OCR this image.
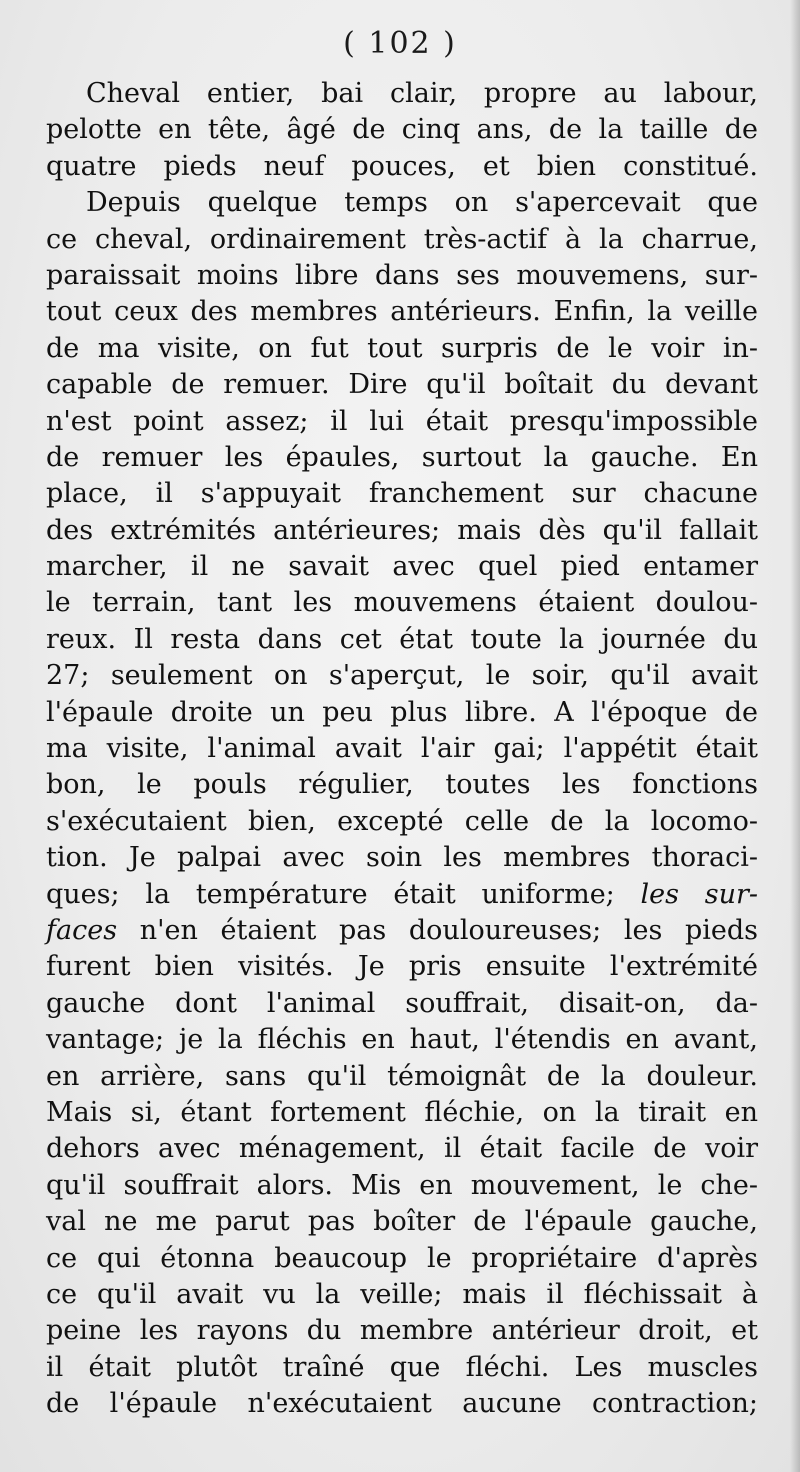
( 102 )
Cheval entier, bai clair, propre au labour,
pelotte en tête, âgé de cinq ans, de la taille de
quatre pieds neuf pouces, et bien constitué.
Depuis quelque temps on s'apercevait que
ce cheval, ordinairement très-actif à la charrue,
paraissait moins libre dans ses mouvemens, sur-
tout ceux des membres antérieurs. Enfin, la veille
de ma visite, on fut tout surpris de le voir in-
capable de remuer. Dire qu'il boîtait du devant
n'est point assez; il lui était presqu'impossible
de remuer les épaules, surtout la gauche. En
place, il s'appuyait franchement sur chacune
des extrémités antérieures; mais dès qu'il fallait
marcher, il ne savait avec quel pied entamer
le terrain, tant les mouvemens étaient doulou-
reux. Il resta dans cet état toute la journée du
27; seulement on s'aperçut, le soir, qu'il avait
l'épaule droite un peu plus libre. A l'époque de
ma visite, l'animal avait l'air gai; l'appétit était
bon, le pouls régulier, toutes les fonctions
s'exécutaient bien, excepté celle de la locomo-
tion. Je palpai avec soin les membres thoraci-
ques; la température était uniforme; les sur-
faces n'en étaient pas douloureuses; les pieds
furent bien visités. Je pris ensuite l'extrémité
gauche dont l'animal souffrait, disait-on, da-
vantage; je la fléchis en haut, l'étendis en avant,
en arrière, sans qu'il témoignât de la douleur.
Mais si, étant fortement fléchie, on la tirait en
dehors avec ménagement, il était facile de voir
qu'il souffrait alors. Mis en mouvement, le che-
val ne me parut pas boîter de l'épaule gauche,
ce qui étonna beaucoup le propriétaire d'après
ce qu'il avait vu la veille; mais il fléchissait à
peine les rayons du membre antérieur droit, et
il était plutôt traîné que fléchi. Les muscles
de l'épaule n'exécutaient aucune contraction;
